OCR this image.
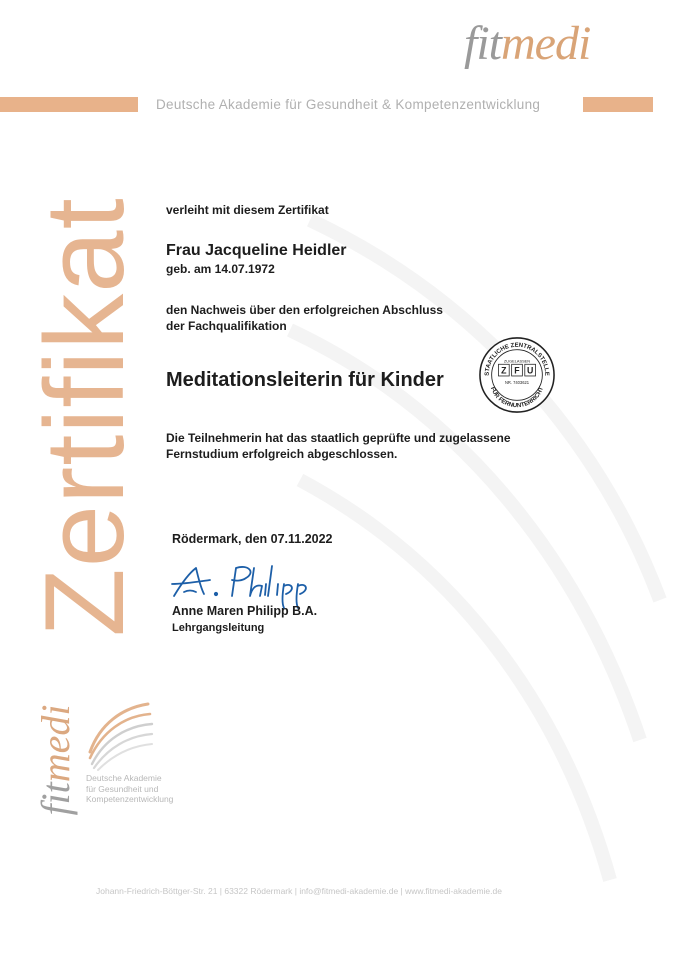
fitmedi
Deutsche Akademie für Gesundheit & Kompetenzentwicklung
Zertifikat verleiht mit diesem Zertifikat
Frau Jacqueline Heidler
geb. am 14.07.1972
den Nachweis über den erfolgreichen Abschluss
der Fachqualifikation
Meditationsleiterin für Kinder
Die Teilnehmerin hat das staatlich geprüfte und zugelassene
Fernstudium erfolgreich abgeschlossen.
Rödermark, den 07.11.2022
STAATLICHE ZENTRALSTELLE
FÜR FERNUNTERRICHT
ZUGELASSEN
Z F U
NR. 7403621
Anne Maren Philipp B.A.
Lehrgangsleitung
fitmedi Deutsche Akademie
für Gesundheit und
Kompetenzentwicklung
Johann-Friedrich-Böttger-Str. 21 | 63322 Rödermark | info@fitmedi-akademie.de | www.fitmedi-akademie.de
